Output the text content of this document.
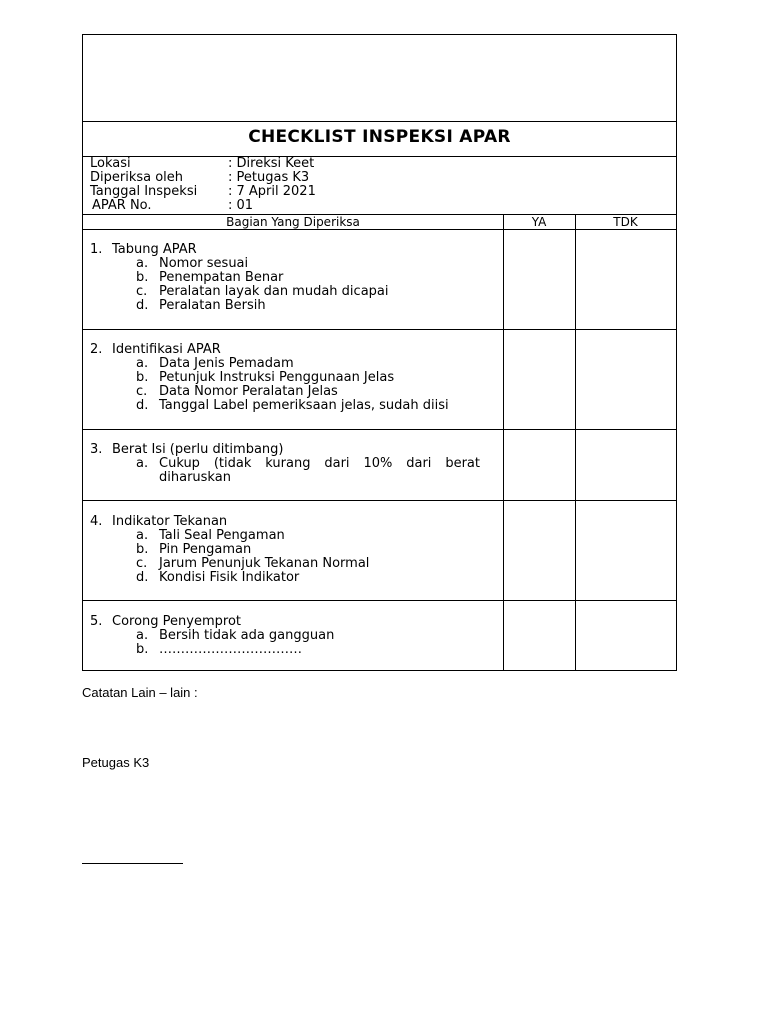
CHECKLIST INSPEKSI APAR
Lokasi	: Direksi Keet
Diperiksa oleh	: Petugas K3
Tanggal Inspeksi : 7 April 2021
APAR No.	: 01
Bagian Yang Diperiksa	YA	TDK
1. Tabung APAR
a. Nomor sesuai
b. Penempatan Benar
c. Peralatan layak dan mudah dicapai
d. Peralatan Bersih
2. Identifikasi APAR
a. Data Jenis Pemadam
b. Petunjuk Instruksi Penggunaan Jelas
c. Data Nomor Peralatan Jelas
d. Tanggal Label pemeriksaan jelas, sudah diisi
3. Berat Isi (perlu ditimbang)
a. Cukup (tidak kurang dari 10% dari berat diharuskan
4. Indikator Tekanan
a. Tali Seal Pengaman
b. Pin Pengaman
c. Jarum Penunjuk Tekanan Normal
d. Kondisi Fisik Indikator
5. Corong Penyemprot
a. Bersih tidak ada gangguan
b. ……………………………
Catatan Lain – lain :
Petugas K3
